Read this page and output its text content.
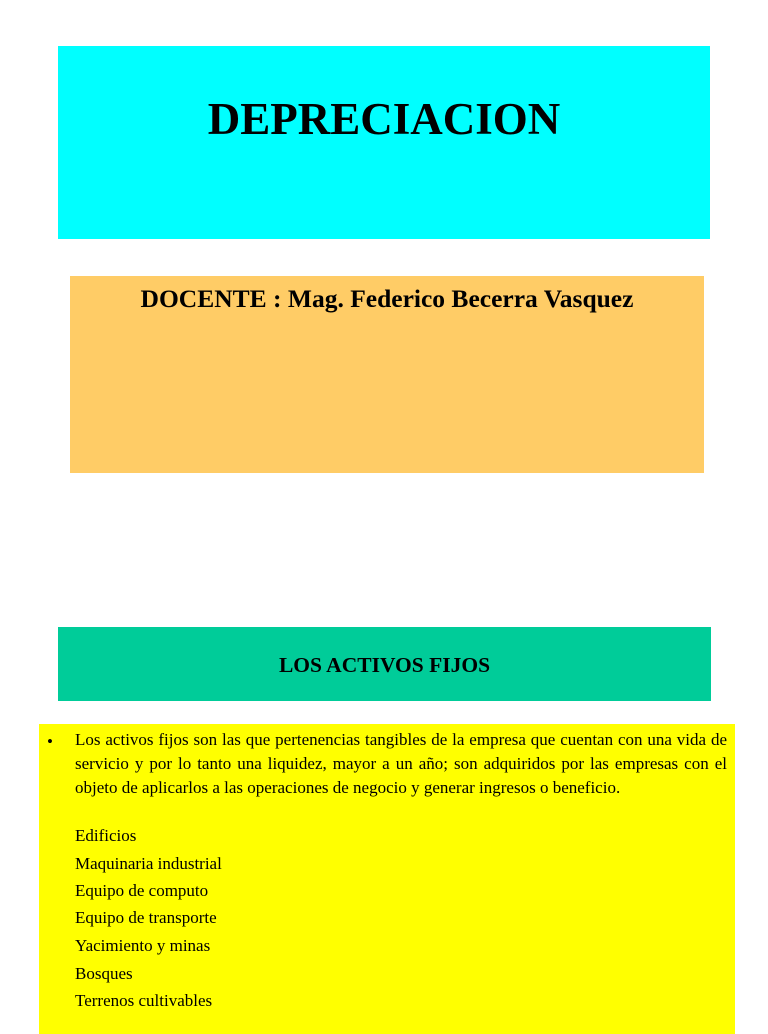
DEPRECIACION

DOCENTE : Mag. Federico Becerra Vasquez

LOS ACTIVOS FIJOS
• Los activos fijos son las que pertenencias tangibles de la empresa que cuentan con una vida de servicio y por lo tanto una liquidez, mayor a un año; son adquiridos por las empresas con el objeto de aplicarlos a las operaciones de negocio y generar ingresos o beneficio.

Edificios

Maquinaria industrial

Equipo de computo

Equipo de transporte

Yacimiento y minas

Bosques

Terrenos cultivables
